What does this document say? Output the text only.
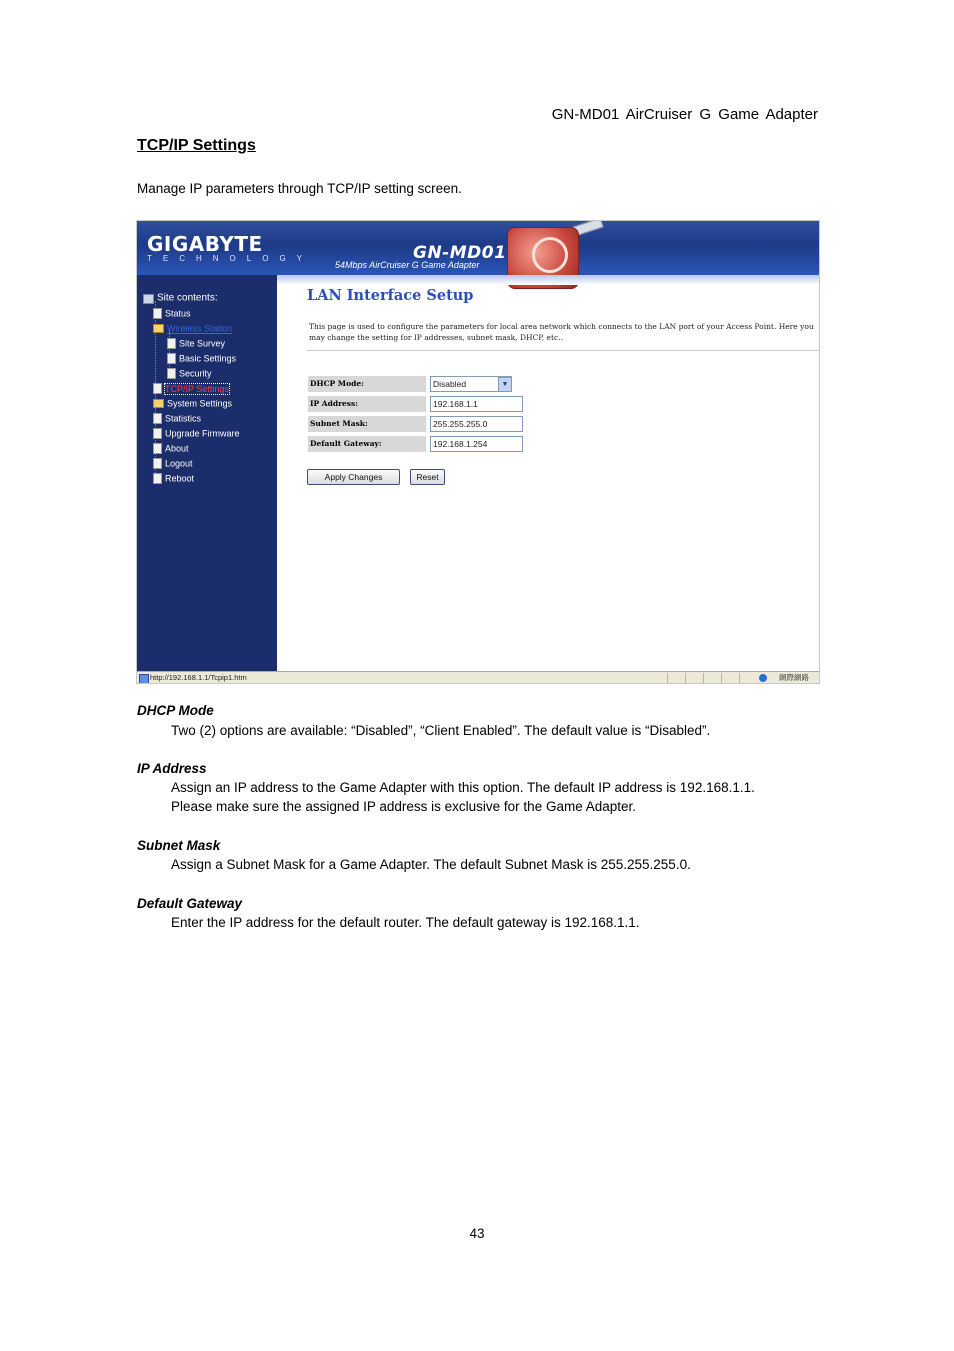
GN-MD01 AirCruiser G Game Adapter
TCP/IP Settings
Manage IP parameters through TCP/IP setting screen.
GIGABYTE
TECHNOLOGY	GN-MD01
54Mbps AirCruiser G Game Adapter
Site contents:
Status
Wireless Station
Site Survey
Basic Settings
Security
TCP/IP Settings
System Settings
Statistics
Upgrade Firmware
About
Logout
Reboot
LAN Interface Setup
This page is used to configure the parameters for local area network which connects to the LAN port of your Access Point. Here you may change the setting for IP addresses, subnet mask, DHCP, etc..
DHCP Mode:	Disabled	▼
IP Address:	192.168.1.1
Subnet Mask:	255.255.255.0
Default Gateway:	192.168.1.254
Apply Changes	Reset
http://192.168.1.1/Tcpip1.htm	網際網路
DHCP Mode
Two (2) options are available: “Disabled”, “Client Enabled”. The default value is “Disabled”.
IP Address
Assign an IP address to the Game Adapter with this option. The default IP address is 192.168.1.1.
Please make sure the assigned IP address is exclusive for the Game Adapter.
Subnet Mask
Assign a Subnet Mask for a Game Adapter. The default Subnet Mask is 255.255.255.0.
Default Gateway
Enter the IP address for the default router. The default gateway is 192.168.1.1.
43
